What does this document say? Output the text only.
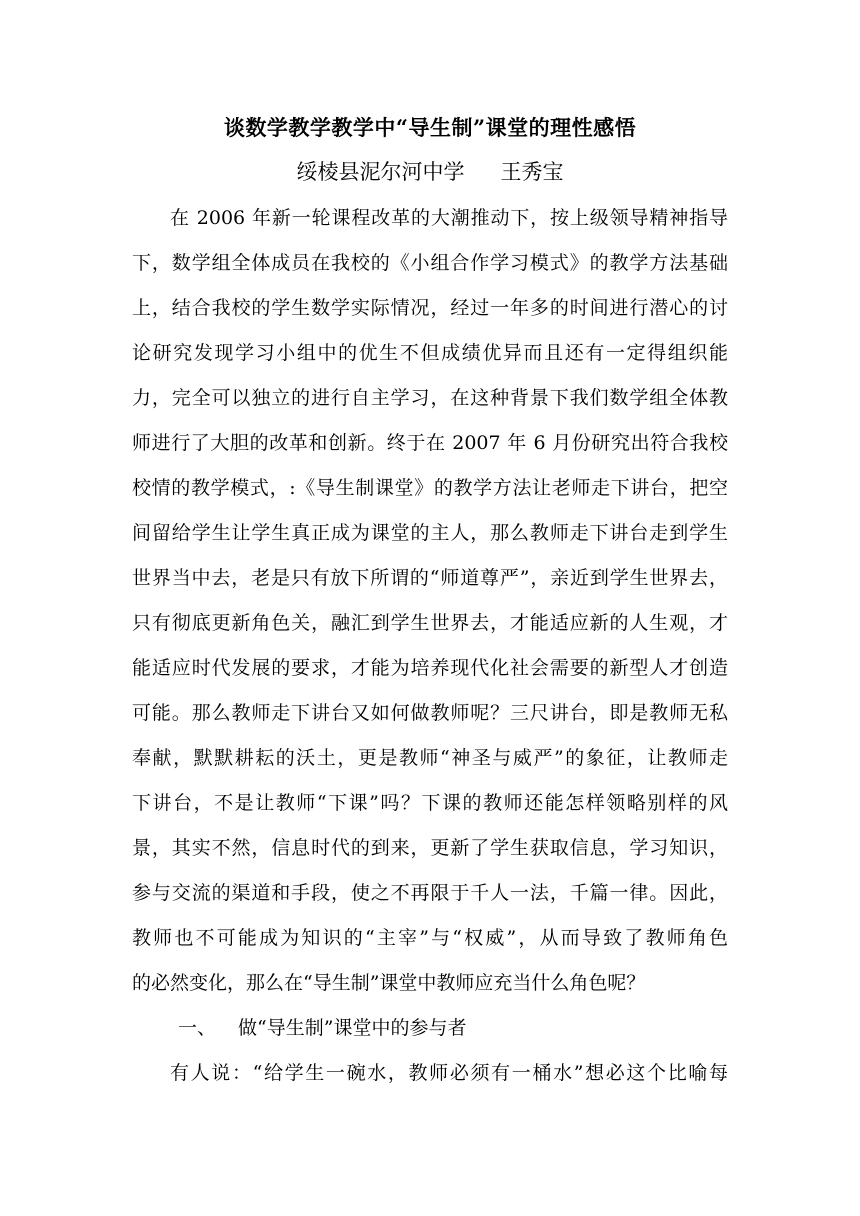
谈数学教学教学中“导生制”课堂的理性感悟
绥棱县泥尔河中学 王秀宝
在 2006 年新一轮课程改革的大潮推动下，按上级领导精神指导
下，数学组全体成员在我校的《小组合作学习模式》的教学方法基础
上，结合我校的学生数学实际情况，经过一年多的时间进行潜心的讨
论研究发现学习小组中的优生不但成绩优异而且还有一定得组织能
力，完全可以独立的进行自主学习，在这种背景下我们数学组全体教
师进行了大胆的改革和创新。终于在 2007 年 6 月份研究出符合我校
校情的教学模式，:《导生制课堂》的教学方法让老师走下讲台，把空
间留给学生让学生真正成为课堂的主人，那么教师走下讲台走到学生
世界当中去，老是只有放下所谓的“师道尊严”，亲近到学生世界去，
只有彻底更新角色关，融汇到学生世界去，才能适应新的人生观，才
能适应时代发展的要求，才能为培养现代化社会需要的新型人才创造
可能。那么教师走下讲台又如何做教师呢？三尺讲台，即是教师无私
奉献，默默耕耘的沃土，更是教师“神圣与威严”的象征，让教师走
下讲台，不是让教师“下课”吗？下课的教师还能怎样领略别样的风
景，其实不然，信息时代的到来，更新了学生获取信息，学习知识，
参与交流的渠道和手段，使之不再限于千人一法，千篇一律。因此，
教师也不可能成为知识的“主宰”与“权威”，从而导致了教师角色
的必然变化，那么在“导生制”课堂中教师应充当什么角色呢？
一、 做“导生制”课堂中的参与者
有人说：“给学生一碗水，教师必须有一桶水”想必这个比喻每
